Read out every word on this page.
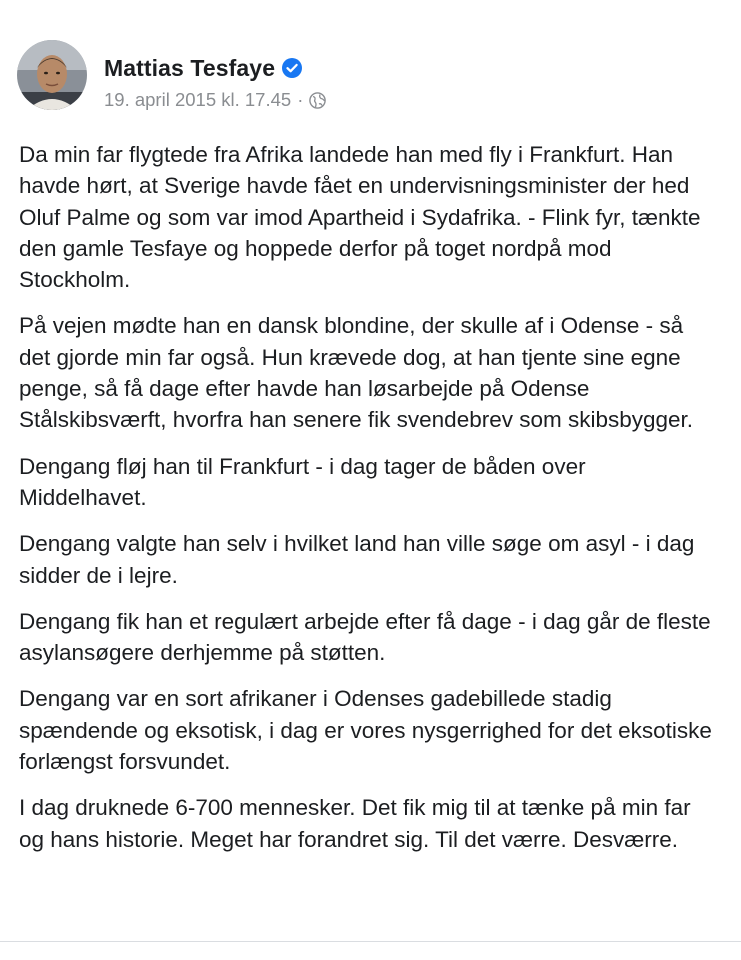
Mattias Tesfaye
19. april 2015 kl. 17.45 ·

Da min far flygtede fra Afrika landede han med fly i Frankfurt. Han havde hørt, at Sverige havde fået en undervisningsminister der hed Oluf Palme og som var imod Apartheid i Sydafrika. - Flink fyr, tænkte den gamle Tesfaye og hoppede derfor på toget nordpå mod Stockholm.

På vejen mødte han en dansk blondine, der skulle af i Odense - så det gjorde min far også. Hun krævede dog, at han tjente sine egne penge, så få dage efter havde han løsarbejde på Odense Stålskibsværft, hvorfra han senere fik svendebrev som skibsbygger.

Dengang fløj han til Frankfurt - i dag tager de båden over Middelhavet.

Dengang valgte han selv i hvilket land han ville søge om asyl - i dag sidder de i lejre.

Dengang fik han et regulært arbejde efter få dage - i dag går de fleste asylansøgere derhjemme på støtten.

Dengang var en sort afrikaner i Odenses gadebillede stadig spændende og eksotisk, i dag er vores nysgerrighed for det eksotiske forlængst forsvundet.

I dag druknede 6-700 mennesker. Det fik mig til at tænke på min far og hans historie. Meget har forandret sig. Til det værre. Desværre.
